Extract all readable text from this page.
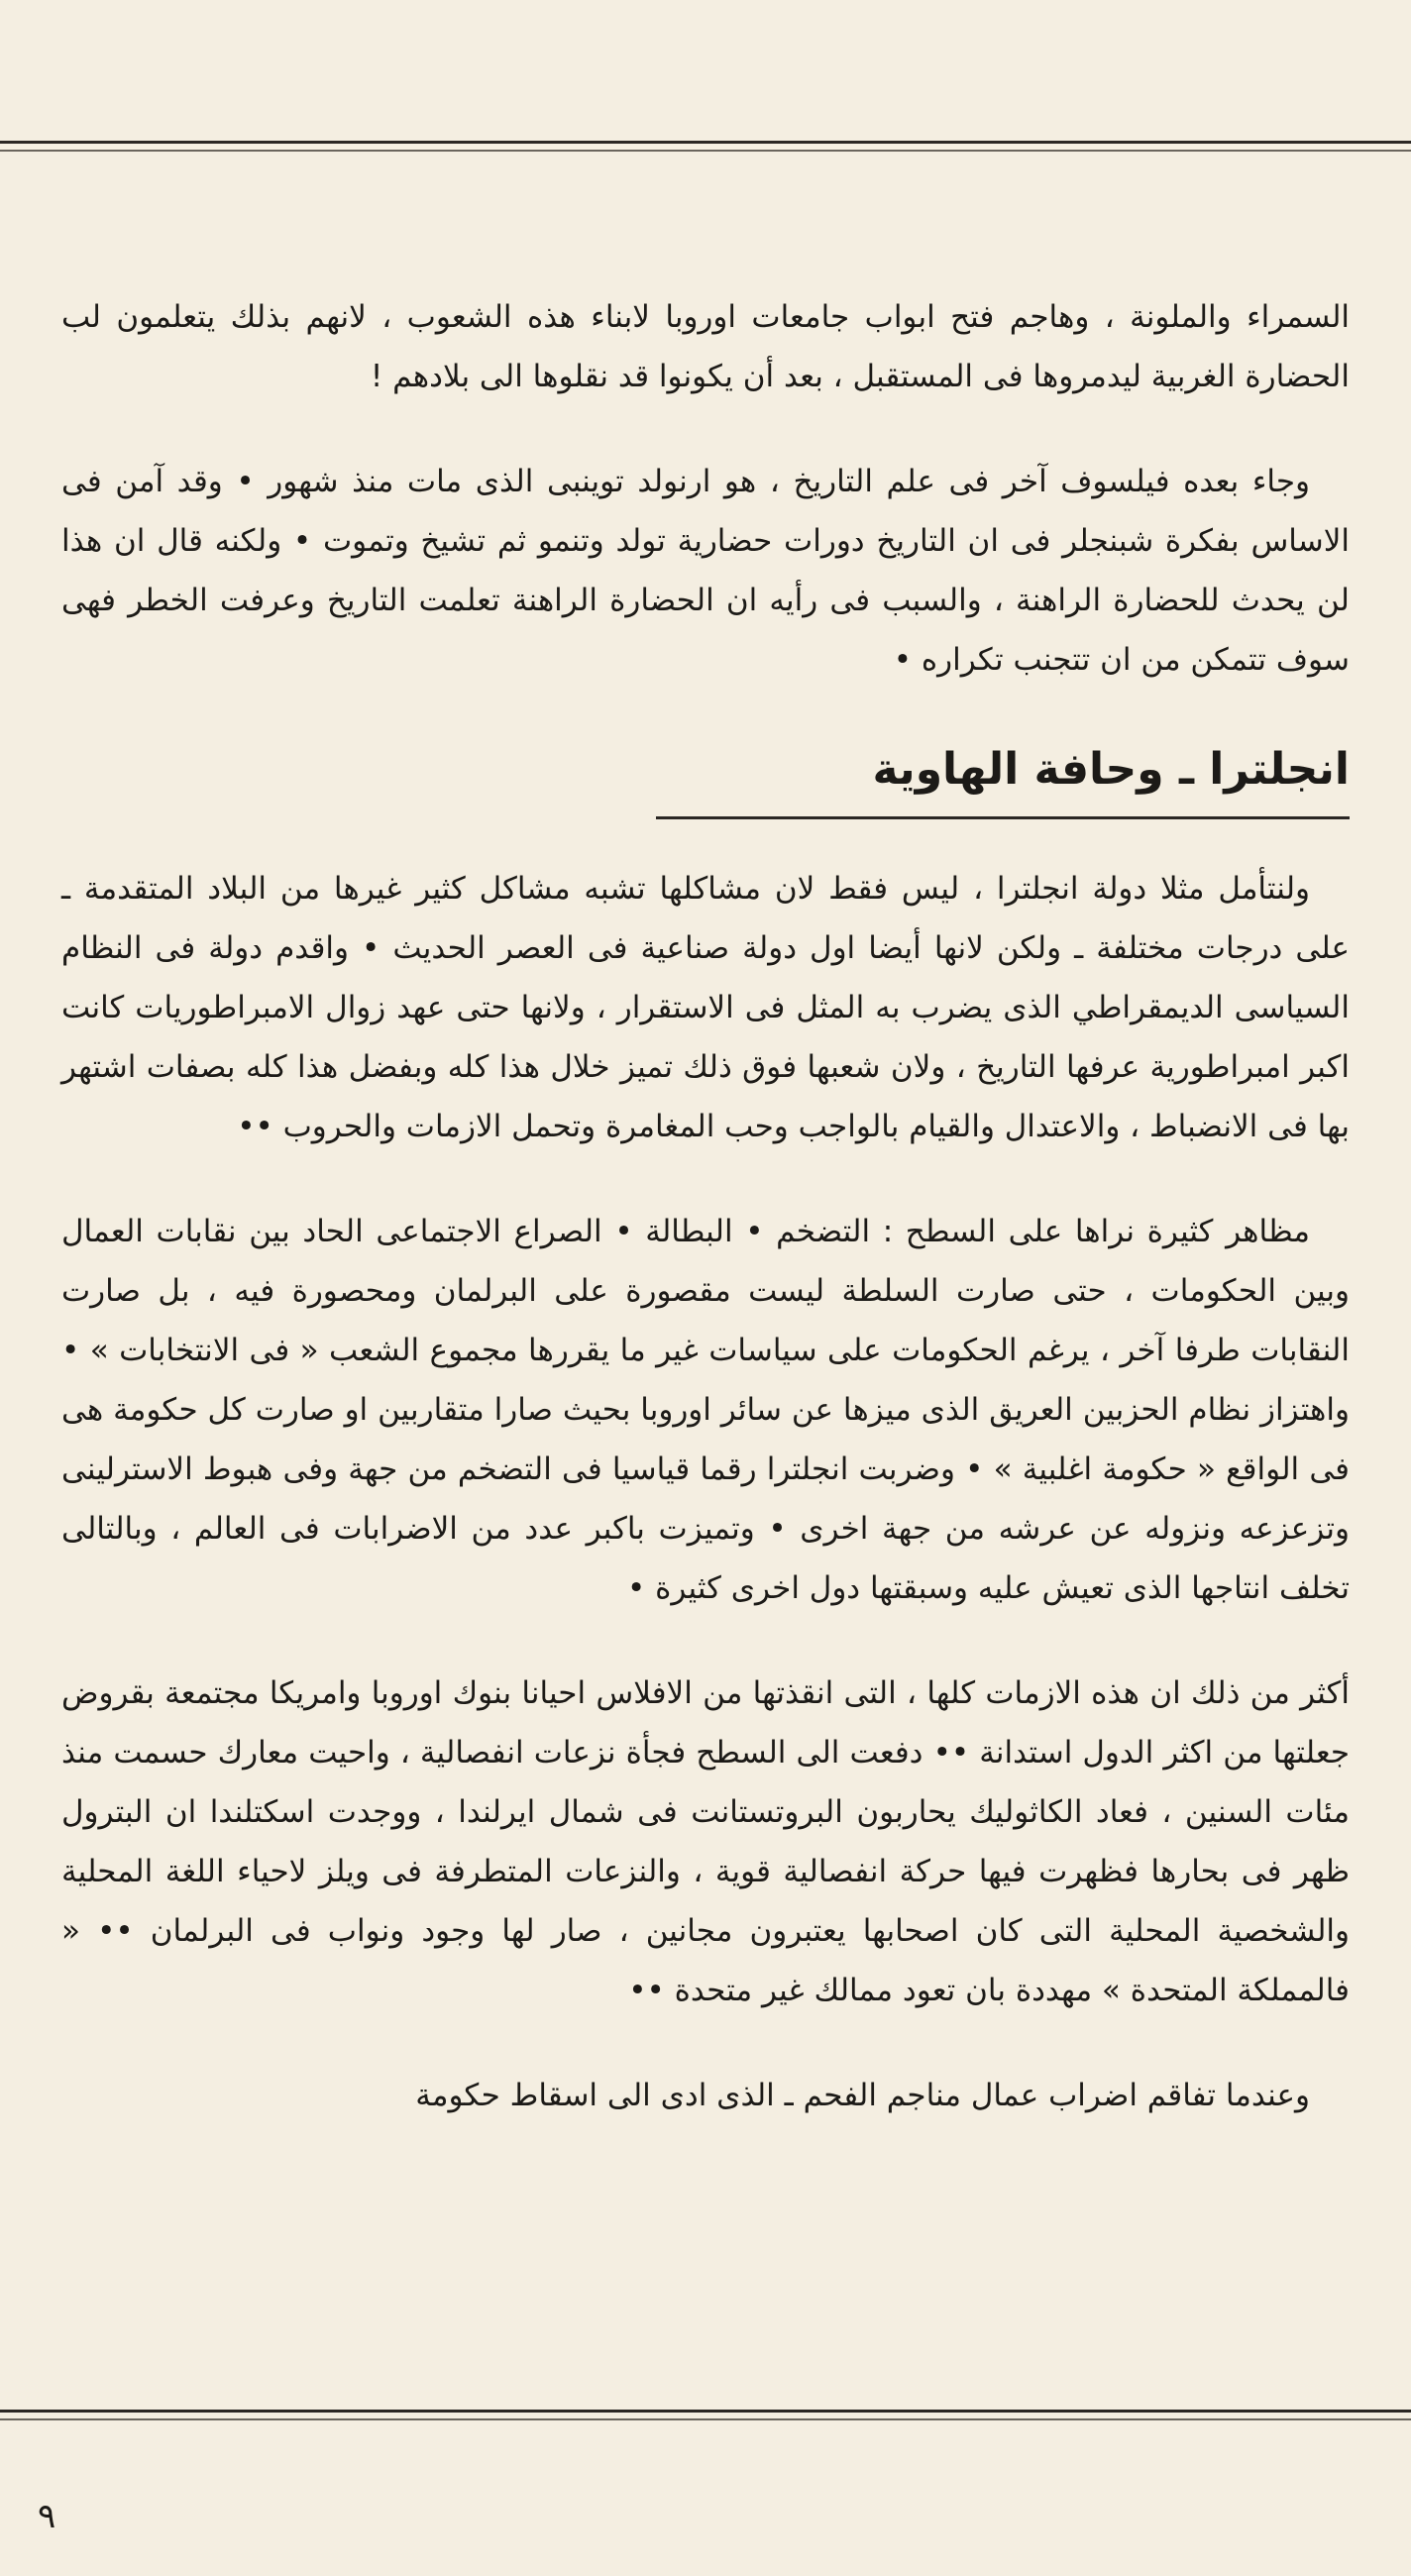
السمراء والملونة ، وهاجم فتح ابواب جامعات اوروبا لابناء هذه الشعوب ، لانهم بذلك يتعلمون لب الحضارة الغربية ليدمروها فى المستقبل ، بعد أن يكونوا قد نقلوها الى بلادهم !

وجاء بعده فيلسوف آخر فى علم التاريخ ، هو ارنولد توينبى الذى مات منذ شهور • وقد آمن فى الاساس بفكرة شبنجلر فى ان التاريخ دورات حضارية تولد وتنمو ثم تشيخ وتموت • ولكنه قال ان هذا لن يحدث للحضارة الراهنة ، والسبب فى رأيه ان الحضارة الراهنة تعلمت التاريخ وعرفت الخطر فهى سوف تتمكن من ان تتجنب تكراره •

انجلترا ـ وحافة الهاوية

ولنتأمل مثلا دولة انجلترا ، ليس فقط لان مشاكلها تشبه مشاكل كثير غيرها من البلاد المتقدمة ـ على درجات مختلفة ـ ولكن لانها أيضا اول دولة صناعية فى العصر الحديث • واقدم دولة فى النظام السياسى الديمقراطي الذى يضرب به المثل فى الاستقرار ، ولانها حتى عهد زوال الامبراطوريات كانت اكبر امبراطورية عرفها التاريخ ، ولان شعبها فوق ذلك تميز خلال هذا كله وبفضل هذا كله بصفات اشتهر بها فى الانضباط ، والاعتدال والقيام بالواجب وحب المغامرة وتحمل الازمات والحروب ••

مظاهر كثيرة نراها على السطح : التضخم • البطالة • الصراع الاجتماعى الحاد بين نقابات العمال وبين الحكومات ، حتى صارت السلطة ليست مقصورة على البرلمان ومحصورة فيه ، بل صارت النقابات طرفا آخر ، يرغم الحكومات على سياسات غير ما يقررها مجموع الشعب « فى الانتخابات » • واهتزاز نظام الحزبين العريق الذى ميزها عن سائر اوروبا بحيث صارا متقاربين او صارت كل حكومة هى فى الواقع « حكومة اغلبية » • وضربت انجلترا رقما قياسيا فى التضخم من جهة وفى هبوط الاسترلينى وتزعزعه ونزوله عن عرشه من جهة اخرى • وتميزت باكبر عدد من الاضرابات فى العالم ، وبالتالى تخلف انتاجها الذى تعيش عليه وسبقتها دول اخرى كثيرة •

أكثر من ذلك ان هذه الازمات كلها ، التى انقذتها من الافلاس احيانا بنوك اوروبا وامريكا مجتمعة بقروض جعلتها من اكثر الدول استدانة •• دفعت الى السطح فجأة نزعات انفصالية ، واحيت معارك حسمت منذ مئات السنين ، فعاد الكاثوليك يحاربون البروتستانت فى شمال ايرلندا ، ووجدت اسكتلندا ان البترول ظهر فى بحارها فظهرت فيها حركة انفصالية قوية ، والنزعات المتطرفة فى ويلز لاحياء اللغة المحلية والشخصية المحلية التى كان اصحابها يعتبرون مجانين ، صار لها وجود ونواب فى البرلمان •• « فالمملكة المتحدة » مهددة بان تعود ممالك غير متحدة ••

وعندما تفاقم اضراب عمال مناجم الفحم ـ الذى ادى الى اسقاط حكومة

٩
